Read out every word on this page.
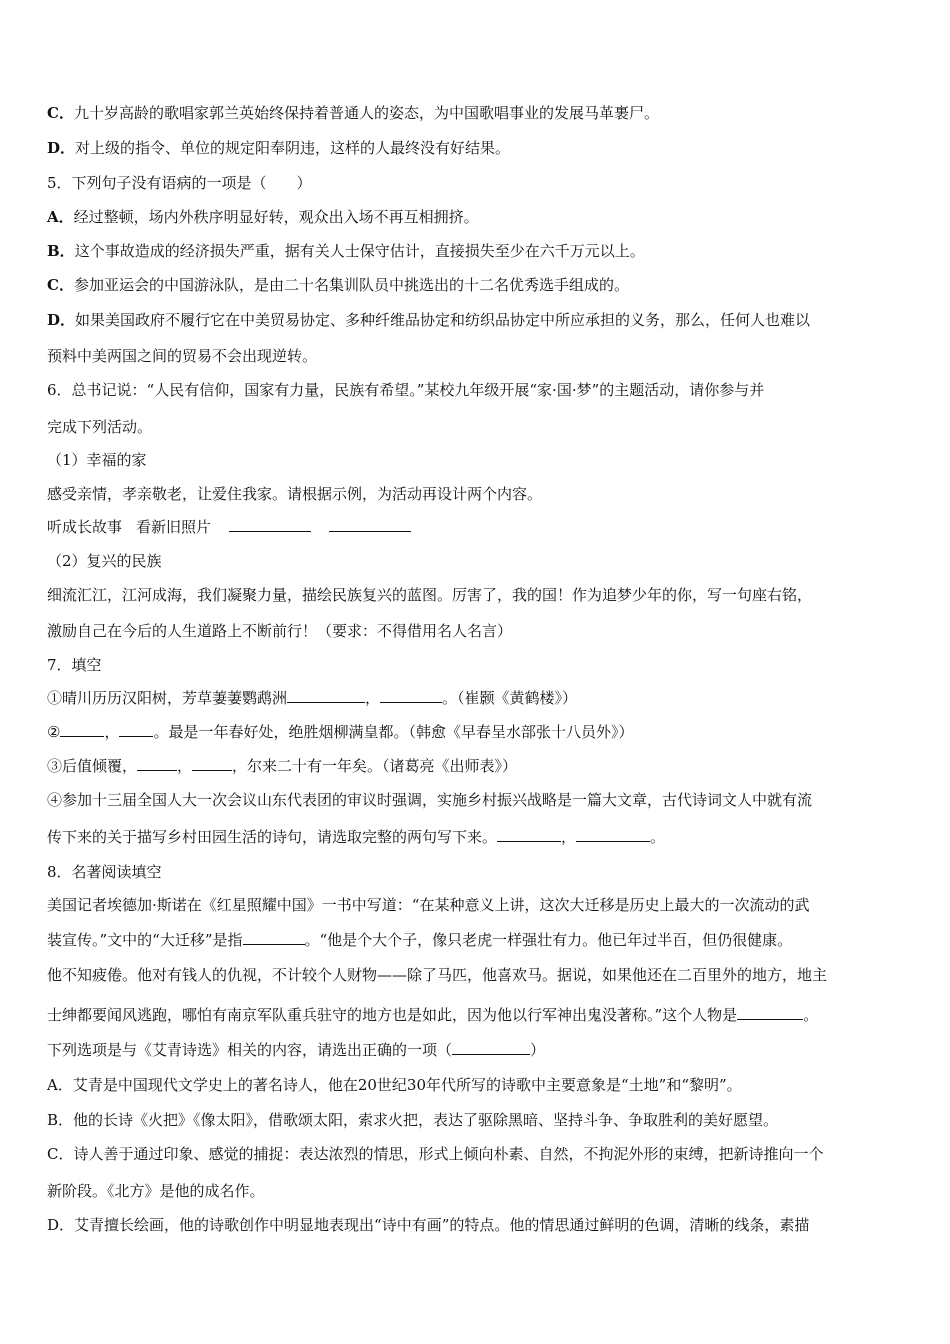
C．九十岁高龄的歌唱家郭兰英始终保持着普通人的姿态，为中国歌唱事业的发展马革裹尸。
D．对上级的指令、单位的规定阳奉阴违，这样的人最终没有好结果。
5．下列句子没有语病的一项是（　　）
A．经过整顿，场内外秩序明显好转，观众出入场不再互相拥挤。
B．这个事故造成的经济损失严重，据有关人士保守估计，直接损失至少在六千万元以上。
C．参加亚运会的中国游泳队，是由二十名集训队员中挑选出的十二名优秀选手组成的。
D．如果美国政府不履行它在中美贸易协定、多种纤维品协定和纺织品协定中所应承担的义务，那么，任何人也难以
预料中美两国之间的贸易不会出现逆转。
6．总书记说：“人民有信仰，国家有力量，民族有希望。”某校九年级开展“家·国·梦”的主题活动，请你参与并
完成下列活动。
（1）幸福的家
感受亲情，孝亲敬老，让爱住我家。请根据示例，为活动再设计两个内容。
听成长故事 看新旧照片
（2）复兴的民族
细流汇江，江河成海，我们凝聚力量，描绘民族复兴的蓝图。厉害了，我的国！作为追梦少年的你，写一句座右铭，
激励自己在今后的人生道路上不断前行！（要求：不得借用名人名言）
7．填空
①晴川历历汉阳树，芳草萋萋鹦鹉洲	，	。（崔颢《黄鹤楼》）
②	， 。最是一年春好处，绝胜烟柳满皇都。（韩愈《早春呈水部张十八员外》）
③后值倾覆，	，	，尔来二十有一年矣。（诸葛亮《出师表》）
④参加十三届全国人大一次会议山东代表团的审议时强调，实施乡村振兴战略是一篇大文章，古代诗词文人中就有流
传下来的关于描写乡村田园生活的诗句，请选取完整的两句写下来。	，	。
8．名著阅读填空
美国记者埃德加·斯诺在《红星照耀中国》一书中写道：“在某种意义上讲，这次大迁移是历史上最大的一次流动的武
装宣传。”文中的“大迁移”是指	。“他是个大个子，像只老虎一样强壮有力。他已年过半百，但仍很健康。
他不知疲倦。他对有钱人的仇视，不计较个人财物——除了马匹，他喜欢马。据说，如果他还在二百里外的地方，地主
士绅都要闻风逃跑，哪怕有南京军队重兵驻守的地方也是如此，因为他以行军神出鬼没著称。”这个人物是	。
下列选项是与《艾青诗选》相关的内容，请选出正确的一项（	）
A．艾青是中国现代文学史上的著名诗人，他在20世纪30年代所写的诗歌中主要意象是“土地”和“黎明”。
B．他的长诗《火把》《像太阳》，借歌颂太阳，索求火把，表达了驱除黑暗、坚持斗争、争取胜利的美好愿望。
C．诗人善于通过印象、感觉的捕捉：表达浓烈的情思，形式上倾向朴素、自然，不拘泥外形的束缚，把新诗推向一个
新阶段。《北方》是他的成名作。
D．艾青擅长绘画，他的诗歌创作中明显地表现出“诗中有画”的特点。他的情思通过鲜明的色调，清晰的线条，素描
